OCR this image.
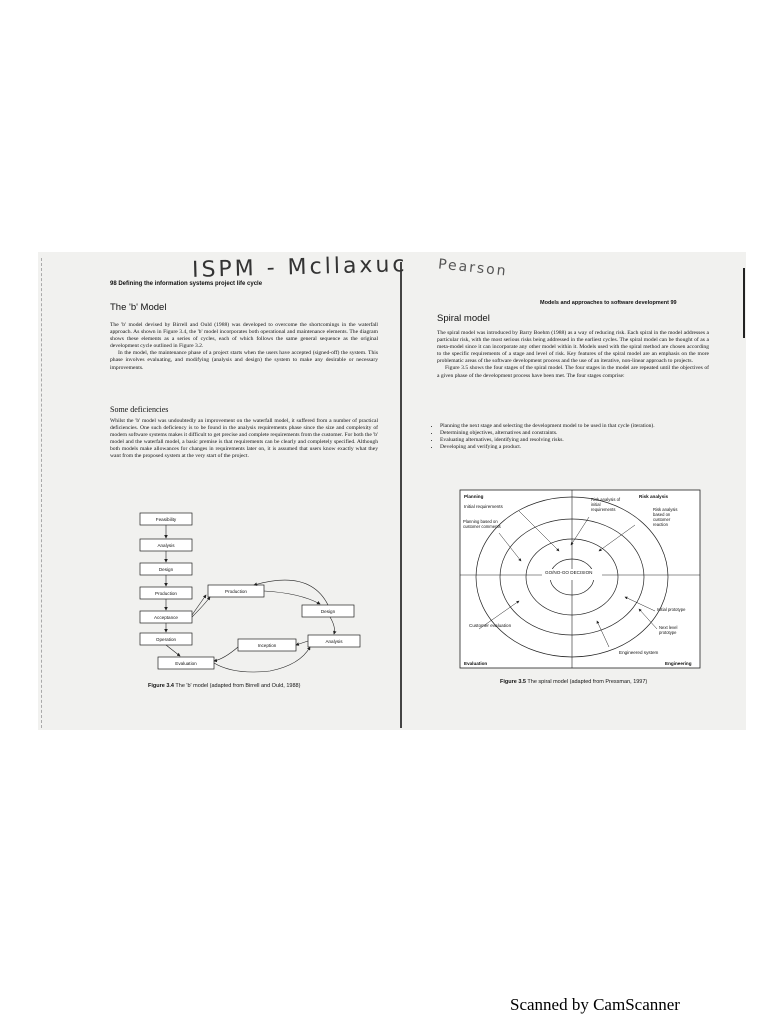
ISPM - Mcllaxuc Pearson
98 Defining the information systems project life cycle
The 'b' Model

The 'b' model devised by Birrell and Ould (1988) was developed to overcome the shortcomings in the waterfall approach. As shown in Figure 3.4, the 'b' model incorporates both operational and maintenance elements. The diagram shows these elements as a series of cycles, each of which follows the same general sequence as the original development cycle outlined in Figure 3.2.

In the model, the maintenance phase of a project starts when the users have accepted (signed-off) the system. This phase involves evaluating, and modifying (analysis and design) the system to make any desirable or necessary improvements.

Some deficiencies

Whilst the 'b' model was undoubtedly an improvement on the waterfall model, it suffered from a number of practical deficiencies. One such deficiency is to be found in the analysis requirements phase since the size and complexity of modern software systems makes it difficult to get precise and complete requirements from the customer. For both the 'b' model and the waterfall model, a basic premise is that requirements can be clearly and completely specified. Although both models make allowances for changes in requirements later on, it is assumed that users know exactly what they want from the proposed system at the very start of the project.

Feasibility
Analysis
Design
Production
Acceptance
Operation
Evaluation
Production
Design
Analysis
Inception
Figure 3.4 The 'b' model (adapted from Birrell and Ould, 1988)
Models and approaches to software development 99
Spiral model

The spiral model was introduced by Barry Boehm (1988) as a way of reducing risk. Each spiral in the model addresses a particular risk, with the most serious risks being addressed in the earliest cycles. The spiral model can be thought of as a meta-model since it can incorporate any other model within it. Models used with the spiral method are chosen according to the specific requirements of a stage and level of risk. Key features of the spiral model are an emphasis on the more problematic areas of the software development process and the use of an iterative, non-linear approach to projects.

Figure 3.5 shows the four stages of the spiral model. The four stages in the model are repeated until the objectives of a given phase of the development process have been met. The four stages comprise:

• Planning the next stage and selecting the development model to be used in that cycle (iteration).
• Determining objectives, alternatives and constraints.
• Evaluating alternatives, identifying and resolving risks.
• Developing and verifying a product.
Planning	Risk analysis
Evaluation	Engineering
Initial requirements
GO/NO-GO DECISION
Customer evaluation
Engineered system
Planning based on customer comments
Risk analysis of initial requirements	Risk analysis based on customer reaction
Initial prototype
Next level prototype
Figure 3.5 The spiral model (adapted from Pressman, 1997)
Scanned by CamScanner
